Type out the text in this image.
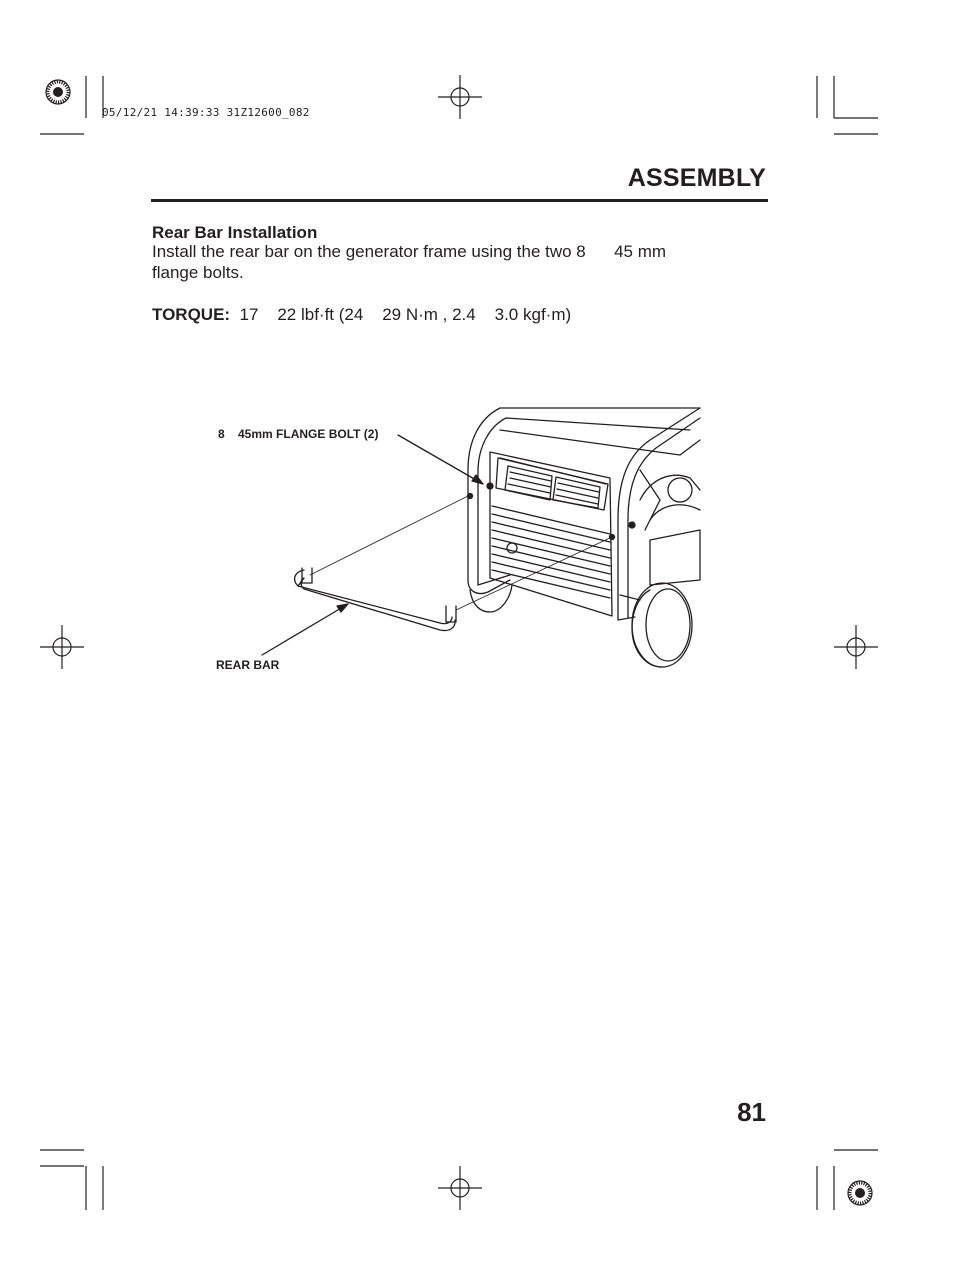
05/12/21 14:39:33 31Z12600_082
ASSEMBLY
Rear Bar Installation
Install the rear bar on the generator frame using the two 8      45 mm
flange bolts.
TORQUE:  17    22 lbf·ft (24    29 N·m , 2.4    3.0 kgf·m)
8    45mm FLANGE BOLT (2)
REAR BAR
81
